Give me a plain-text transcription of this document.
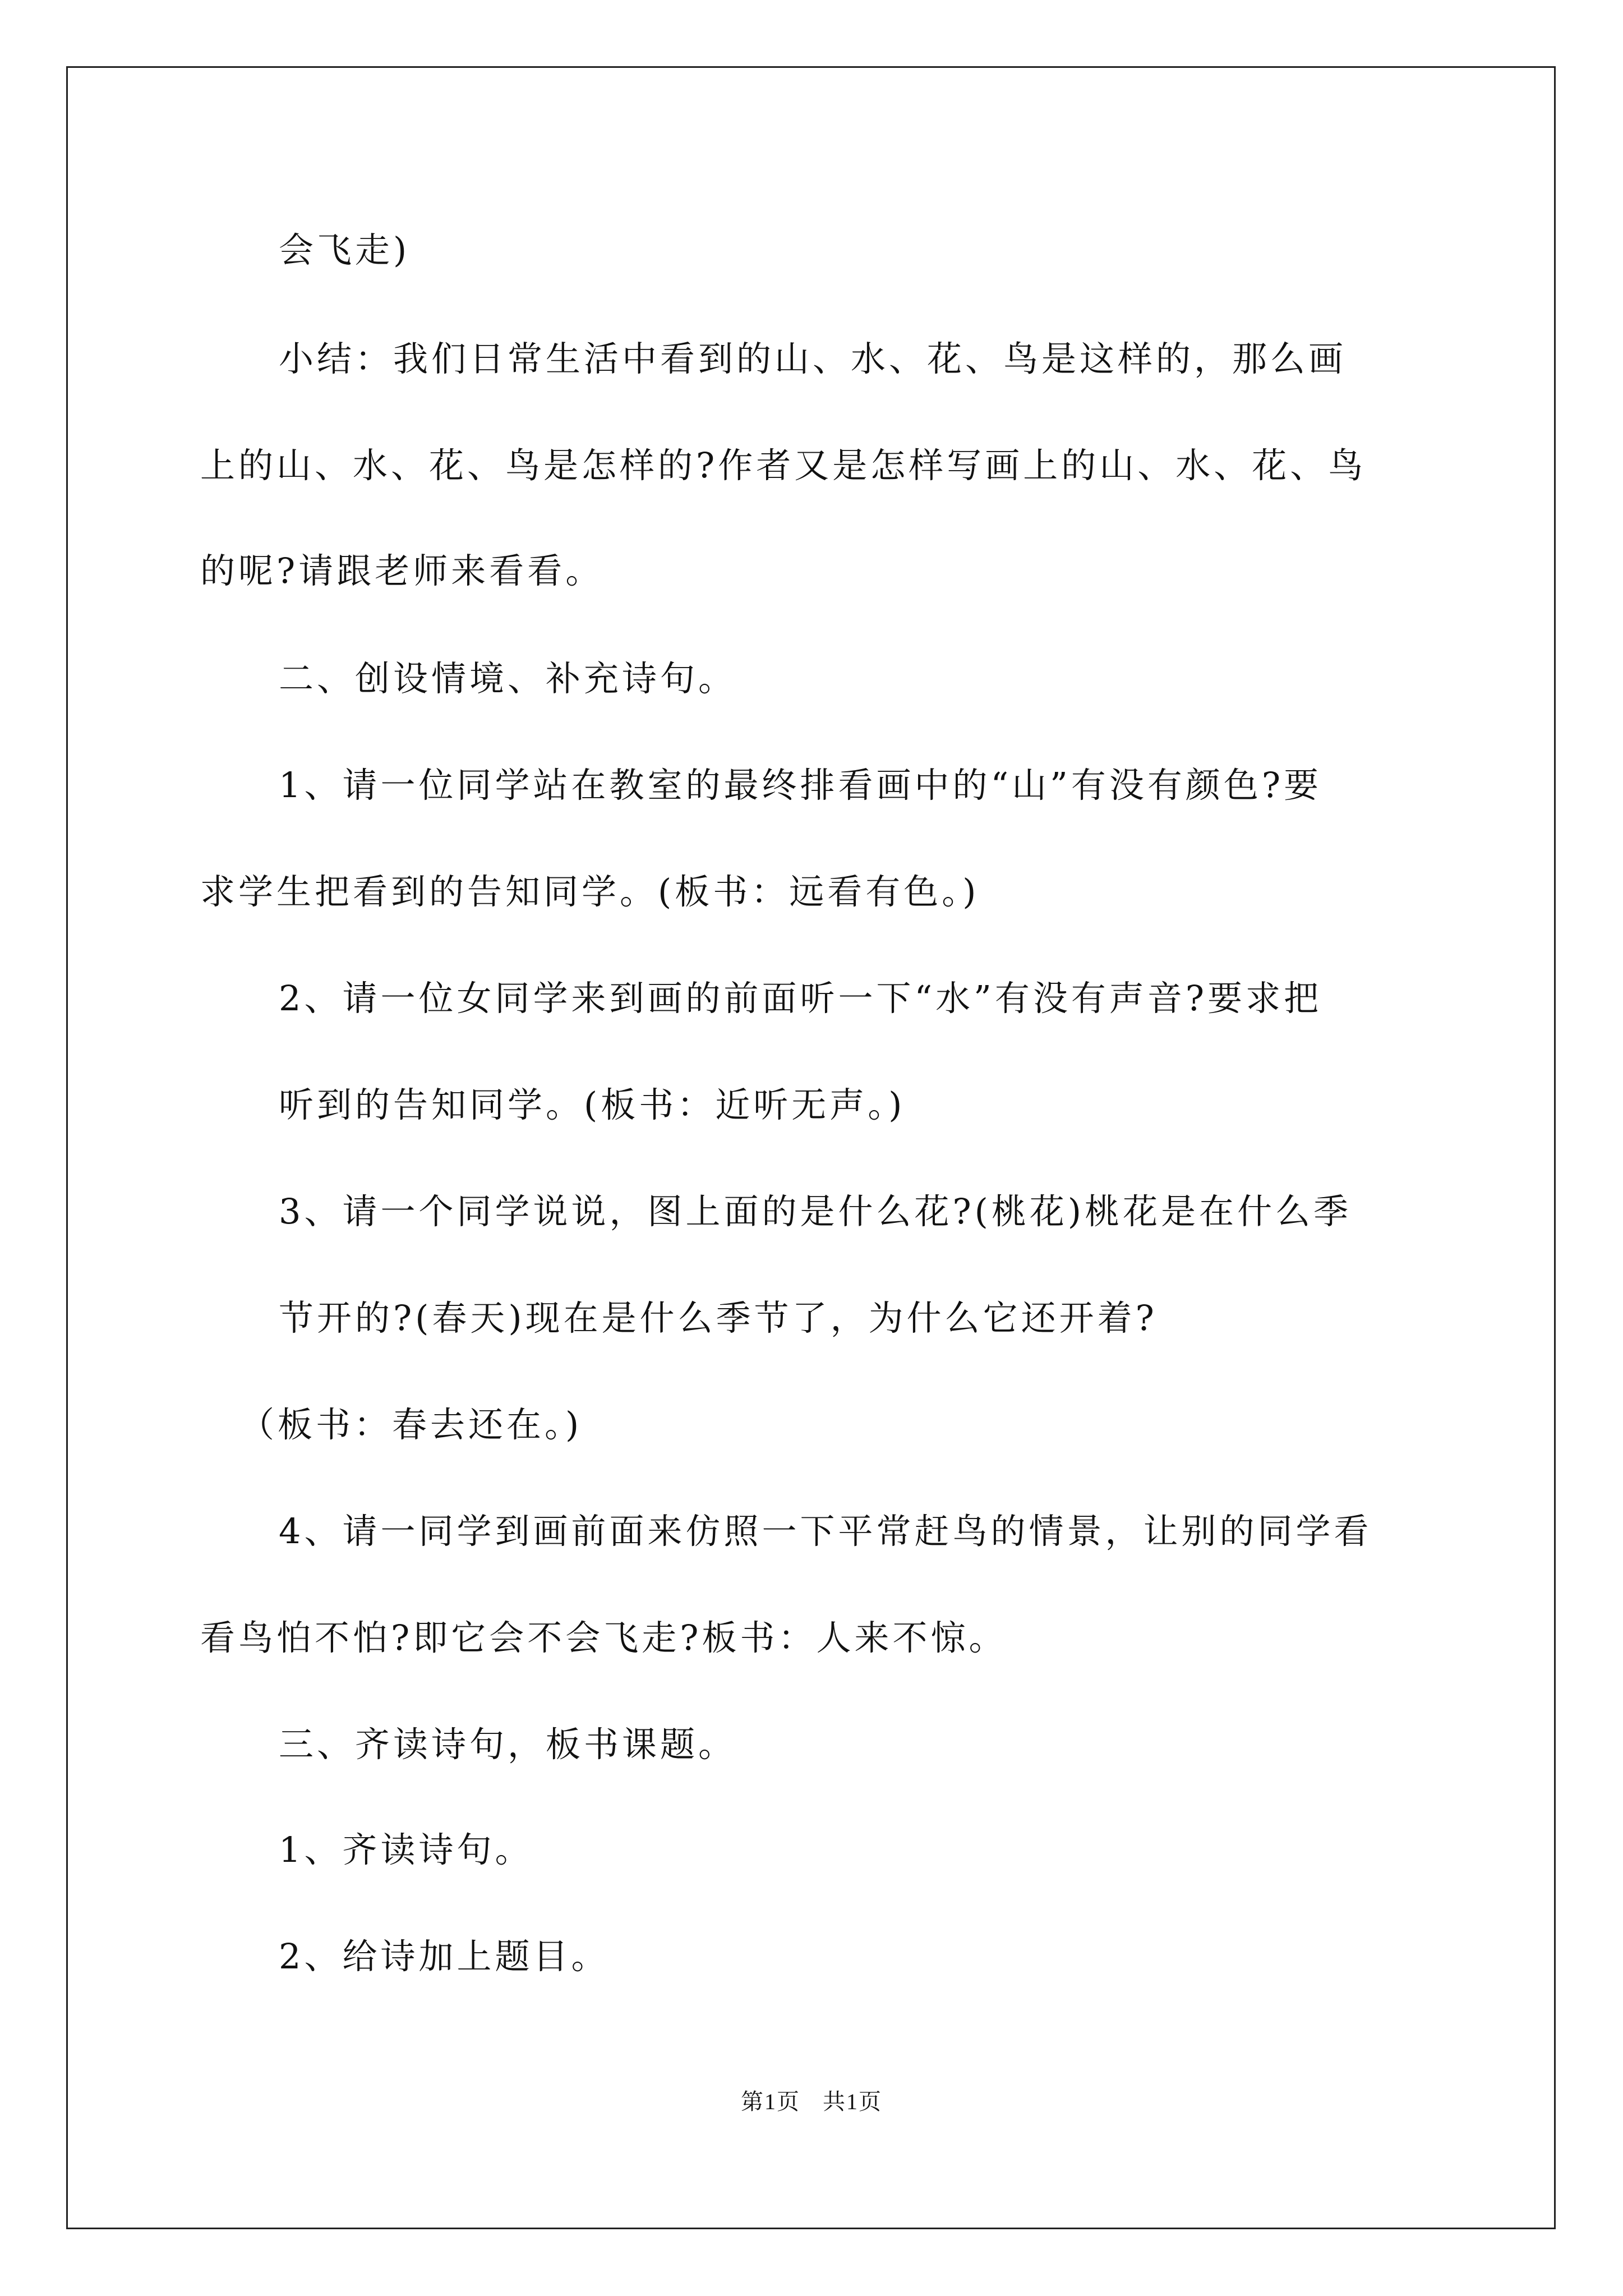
会飞走)
小结：我们日常生活中看到的山、水、花、鸟是这样的，那么画
上的山、水、花、鸟是怎样的?作者又是怎样写画上的山、水、花、鸟
的呢?请跟老师来看看。
二、创设情境、补充诗句。
1、请一位同学站在教室的最终排看画中的“山”有没有颜色?要
求学生把看到的告知同学。(板书：远看有色。)
2、请一位女同学来到画的前面听一下“水”有没有声音?要求把
听到的告知同学。(板书：近听无声。)
3、请一个同学说说，图上面的是什么花?(桃花)桃花是在什么季
节开的?(春天)现在是什么季节了，为什么它还开着?
（板书：春去还在。)
4、请一同学到画前面来仿照一下平常赶鸟的情景，让别的同学看
看鸟怕不怕?即它会不会飞走?板书：人来不惊。
三、齐读诗句，板书课题。
1、齐读诗句。
2、给诗加上题目。
第1页 共1页
